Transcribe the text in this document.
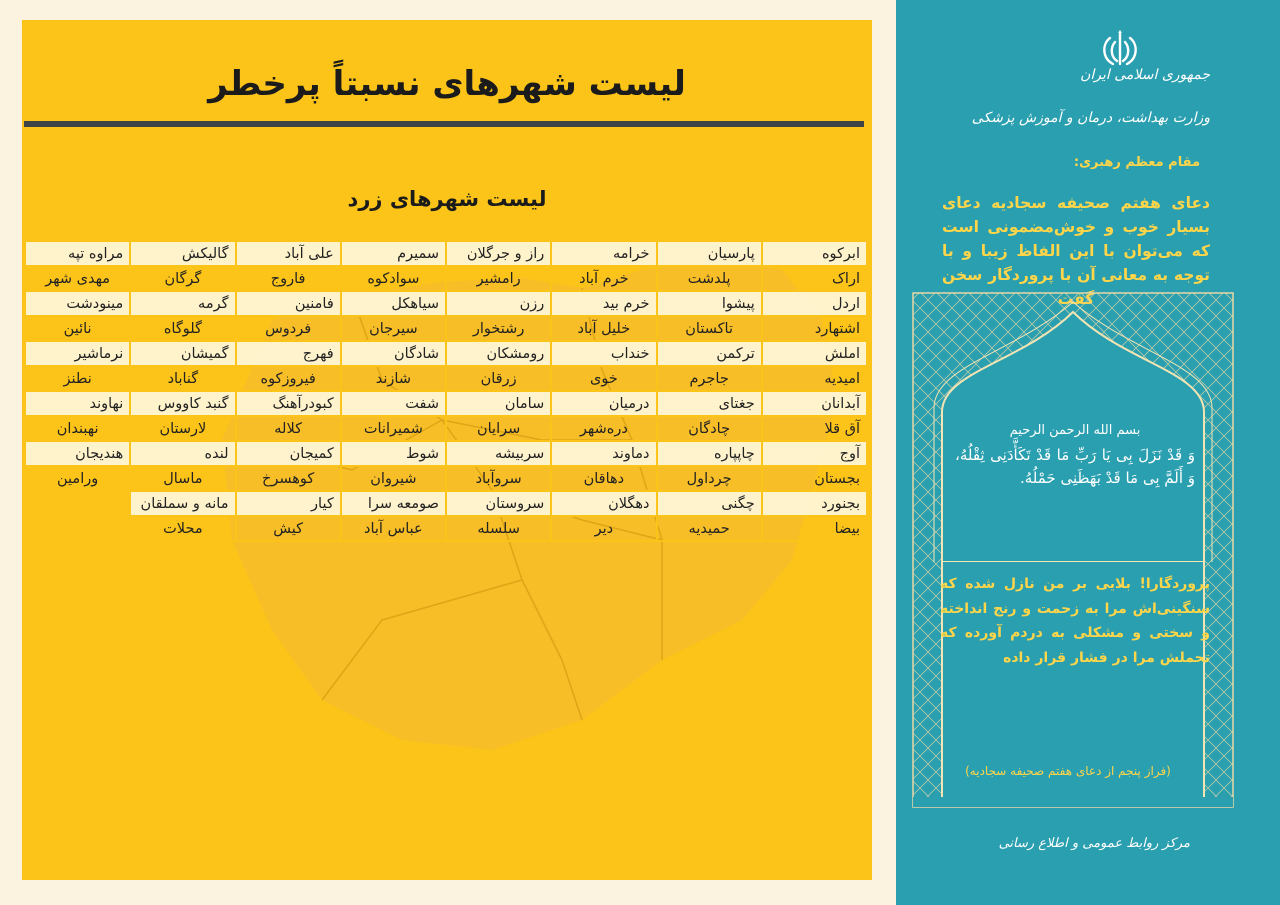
لیست شهرهای نسبتاً پرخطر
لیست شهرهای زرد
ابرکوه	پارسیان	خرامه	راز و جرگلان	سمیرم	علی آباد	گالیکش	مراوه تپه
اراک	پلدشت	خرم آباد	رامشیر	سوادکوه	فاروج	گرگان	مهدی شهر
اردل	پیشوا	خرم بید	رزن	سیاهکل	فامنین	گرمه	مینودشت
اشتهارد	تاکستان	خلیل آباد	رشتخوار	سیرجان	فردوس	گلوگاه	نائین
املش	ترکمن	خنداب	رومشکان	شادگان	فهرج	گمیشان	نرماشیر
امیدیه	جاجرم	خوی	زرقان	شازند	فیروزکوه	گناباد	نطنز
آبدانان	جغتای	درمیان	سامان	شفت	کبودرآهنگ	گنبد کاووس	نهاوند
آق قلا	چادگان	دره‌شهر	سرایان	شمیرانات	کلاله	لارستان	نهبندان
آوج	چاپپاره	دماوند	سربیشه	شوط	کمیجان	لنده	هندیجان
بجستان	چرداول	دهاقان	سروآباد	شیروان	کوهسرخ	ماسال	ورامین
بجنورد	چگنی	دهگلان	سروستان	صومعه سرا	کیار	مانه و سملقان	
بیضا	حمیدیه	دیر	سلسله	عباس آباد	کیش	محلات	

جمهوری اسلامی ایران

وزارت بهداشت، درمان و آموزش پزشکی

مقام معظم رهبری:

دعای هفتم صحیفه سجادیه دعای بسیار خوب و خوش‌مضمونی است که می‌توان با این الفاظ زیبا و با توجه به معانی آن با پروردگار سخن

بسم الله الرحمن الرحیم

وَ قَدْ نَزَلَ بِی یَا رَبِّ مَا قَدْ تَکَأَّدَنِی ثِقْلُهُ، وَ أَلَمَّ بِی مَا قَدْ بَهَظَنِی حَمْلُهُ.

پروردگارا! بلایی بر من نازل شده که سنگینی‌اش مرا به زحمت و رنج انداخته و سختی و مشکلی به دردم آورده که تحملش مرا در فشار قرار داده

(فراز پنجم از دعای هفتم صحیفه سجادیه)

مرکز روابط عمومی و اطلاع رسانی
